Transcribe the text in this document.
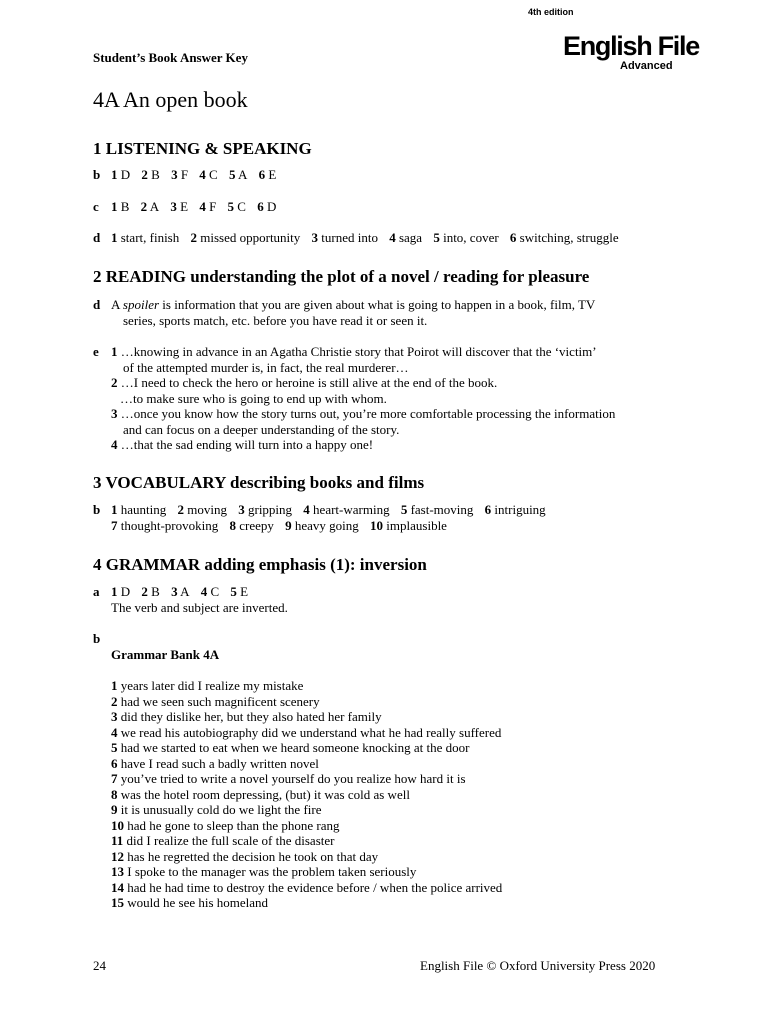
4th edition
English File
Advanced
Student’s Book Answer Key
4A An open book
1 LISTENING & SPEAKING
b 1 D 2 B 3 F 4 C 5 A 6 E
c 1 B 2 A 3 E 4 F 5 C 6 D
d 1 start, finish 2 missed opportunity 3 turned into 4 saga 5 into, cover 6 switching, struggle
2 READING understanding the plot of a novel / reading for pleasure
d A spoiler is information that you are given about what is going to happen in a book, film, TV
series, sports match, etc. before you have read it or seen it.
e 1 …knowing in advance in an Agatha Christie story that Poirot will discover that the ‘victim’
of the attempted murder is, in fact, the real murderer…
2 …I need to check the hero or heroine is still alive at the end of the book.
…to make sure who is going to end up with whom.
3 …once you know how the story turns out, you’re more comfortable processing the information
and can focus on a deeper understanding of the story.
4 …that the sad ending will turn into a happy one!
3 VOCABULARY describing books and films
b 1 haunting 2 moving 3 gripping 4 heart-warming 5 fast-moving 6 intriguing
7 thought-provoking 8 creepy 9 heavy going 10 implausible
4 GRAMMAR adding emphasis (1): inversion
a 1 D 2 B 3 A 4 C 5 E
The verb and subject are inverted.
b
Grammar Bank 4A
1 years later did I realize my mistake
2 had we seen such magnificent scenery
3 did they dislike her, but they also hated her family
4 we read his autobiography did we understand what he had really suffered
5 had we started to eat when we heard someone knocking at the door
6 have I read such a badly written novel
7 you’ve tried to write a novel yourself do you realize how hard it is
8 was the hotel room depressing, (but) it was cold as well
9 it is unusually cold do we light the fire
10 had he gone to sleep than the phone rang
11 did I realize the full scale of the disaster
12 has he regretted the decision he took on that day
13 I spoke to the manager was the problem taken seriously
14 had he had time to destroy the evidence before / when the police arrived
15 would he see his homeland
24	English File © Oxford University Press 2020
